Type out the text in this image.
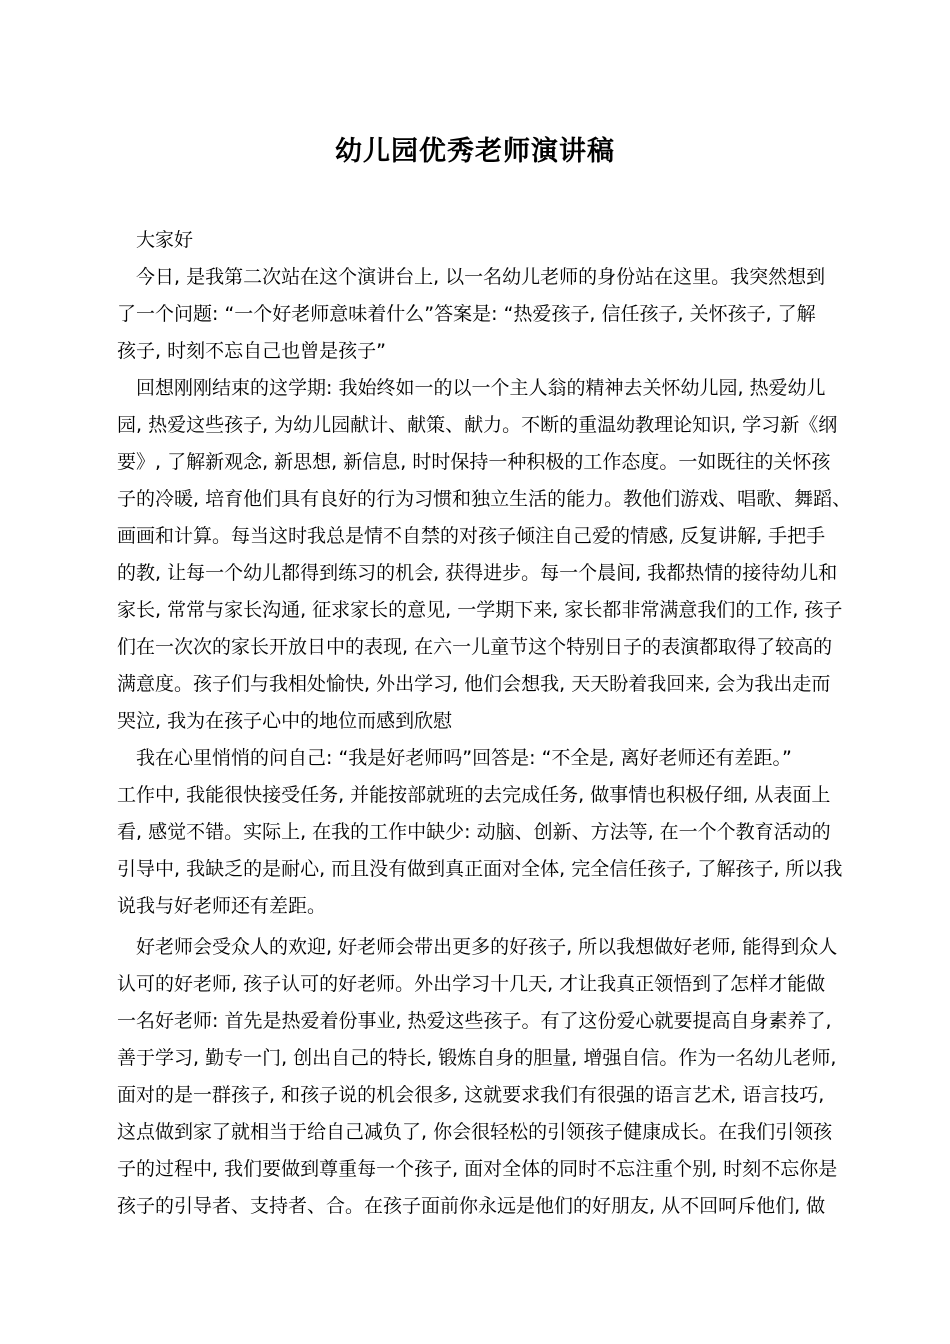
幼儿园优秀老师演讲稿

大家好

今日, 是我第二次站在这个演讲台上, 以一名幼儿老师的身份站在这里。我突然想到

了一个问题: “一个好老师意味着什么”答案是: “热爱孩子, 信任孩子, 关怀孩子, 了解

孩子, 时刻不忘自己也曾是孩子”

回想刚刚结束的这学期: 我始终如一的以一个主人翁的精神去关怀幼儿园, 热爱幼儿

园, 热爱这些孩子, 为幼儿园献计、献策、献力。不断的重温幼教理论知识, 学习新《纲

要》, 了解新观念, 新思想, 新信息, 时时保持一种积极的工作态度。一如既往的关怀孩

子的冷暖, 培育他们具有良好的行为习惯和独立生活的能力。教他们游戏、唱歌、舞蹈、

画画和计算。每当这时我总是情不自禁的对孩子倾注自己爱的情感, 反复讲解, 手把手

的教, 让每一个幼儿都得到练习的机会, 获得进步。每一个晨间, 我都热情的接待幼儿和

家长, 常常与家长沟通, 征求家长的意见, 一学期下来, 家长都非常满意我们的工作, 孩子

们在一次次的家长开放日中的表现, 在六一儿童节这个特别日子的表演都取得了较高的

满意度。孩子们与我相处愉快, 外出学习, 他们会想我, 天天盼着我回来, 会为我出走而

哭泣, 我为在孩子心中的地位而感到欣慰

我在心里悄悄的问自己: “我是好老师吗”回答是: “不全是, 离好老师还有差距。”

工作中, 我能很快接受任务, 并能按部就班的去完成任务, 做事情也积极仔细, 从表面上

看, 感觉不错。实际上, 在我的工作中缺少: 动脑、创新、方法等, 在一个个教育活动的

引导中, 我缺乏的是耐心, 而且没有做到真正面对全体, 完全信任孩子, 了解孩子, 所以我

说我与好老师还有差距。

好老师会受众人的欢迎, 好老师会带出更多的好孩子, 所以我想做好老师, 能得到众人

认可的好老师, 孩子认可的好老师。外出学习十几天, 才让我真正领悟到了怎样才能做

一名好老师: 首先是热爱着份事业, 热爱这些孩子。有了这份爱心就要提高自身素养了,

善于学习, 勤专一门, 创出自己的特长, 锻炼自身的胆量, 增强自信。作为一名幼儿老师,

面对的是一群孩子, 和孩子说的机会很多, 这就要求我们有很强的语言艺术, 语言技巧,

这点做到家了就相当于给自己减负了, 你会很轻松的引领孩子健康成长。在我们引领孩

子的过程中, 我们要做到尊重每一个孩子, 面对全体的同时不忘注重个别, 时刻不忘你是

孩子的引导者、支持者、合。在孩子面前你永远是他们的好朋友, 从不回呵斥他们, 做
